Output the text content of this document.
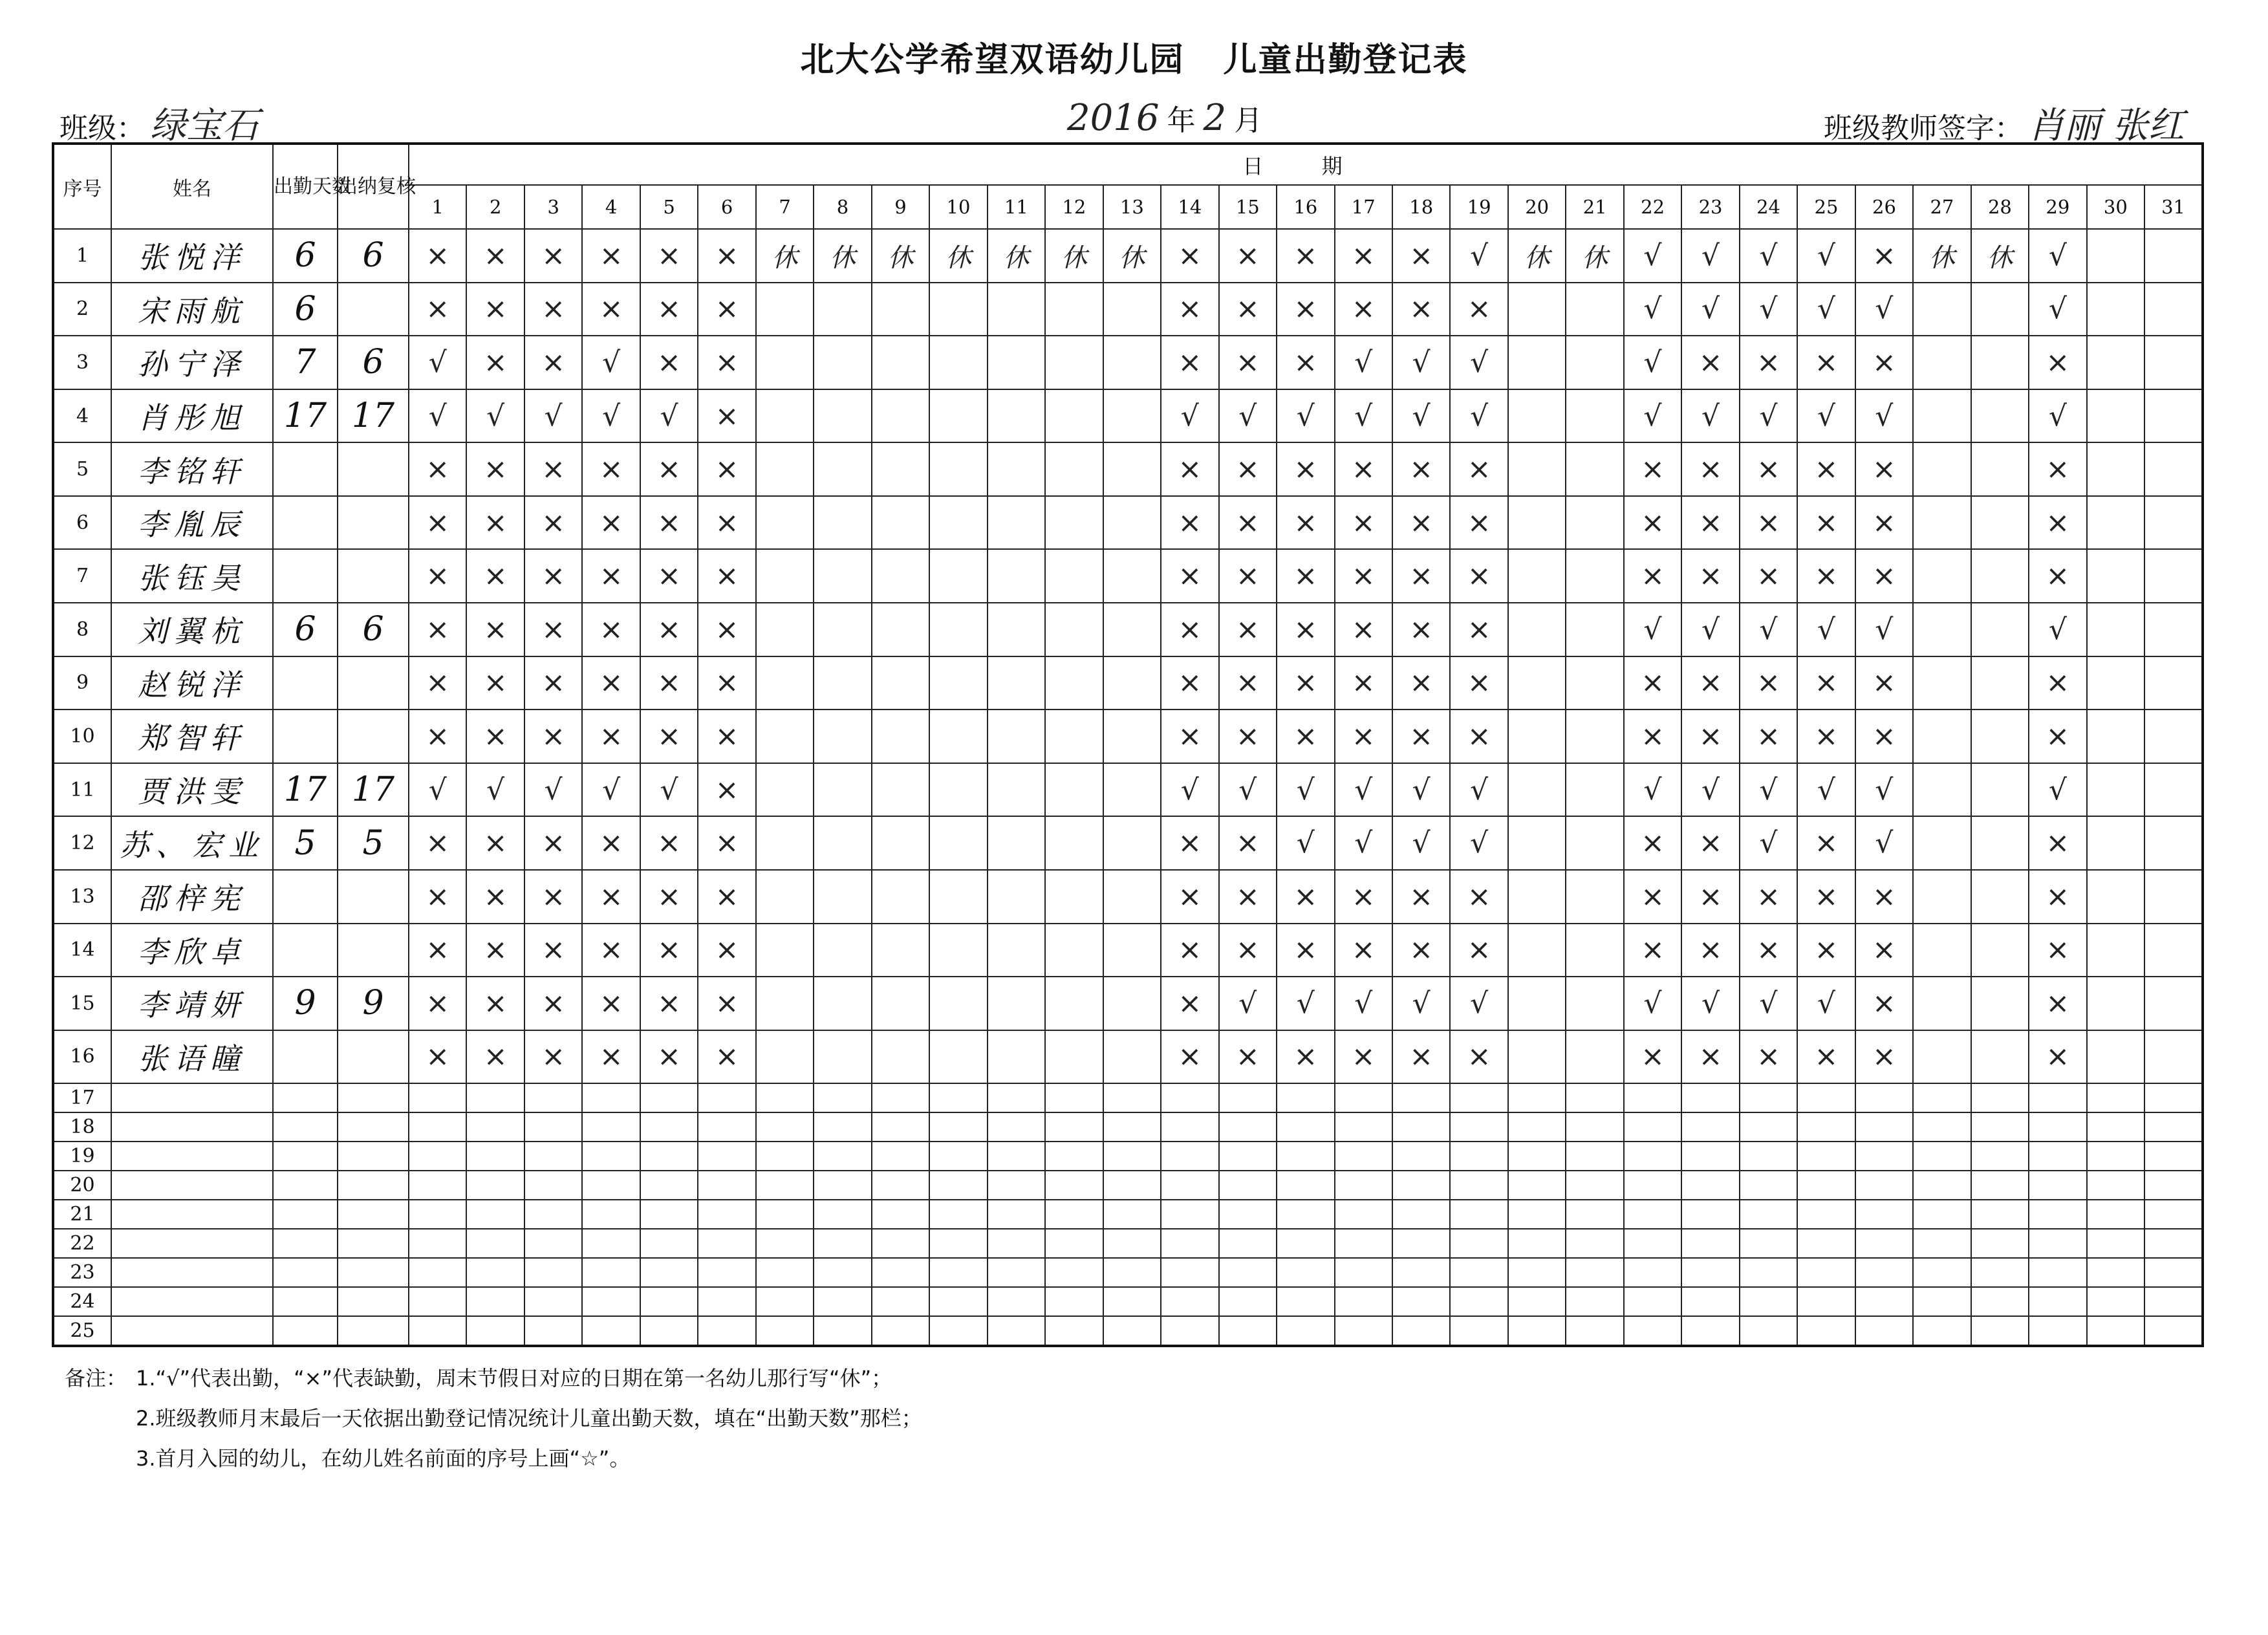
北大公学希望双语幼儿园 儿童出勤登记表
班级： 绿宝石	2016 年 2 月	班级教师签字： 肖丽 张红
序号	姓名	出勤天数	出纳复核	日 期																														
				1	2	3	4	5	6	7	8	9	10	11	12	13	14	15	16	17	18	19	20	21	22	23	24	25	26	27	28	29	30	31
1	张悦洋	6	6	×	×	×	×	×	×	休	休	休	休	休	休	休	×	×	×	×	×	√	休	休	√	√	√	√	×	休	休	√		
2	宋雨航	6		×	×	×	×	×	×								×	×	×	×	×	×			√	√	√	√	√			√		
3	孙宁泽	7	6	√	×	×	√	×	×								×	×	×	√	√	√			√	×	×	×	×			×		
4	肖彤旭	17	17	√	√	√	√	√	×								√	√	√	√	√	√			√	√	√	√	√			√		
5	李铭轩			×	×	×	×	×	×								×	×	×	×	×	×			×	×	×	×	×			×		
6	李胤辰			×	×	×	×	×	×								×	×	×	×	×	×			×	×	×	×	×			×		
7	张钰昊			×	×	×	×	×	×								×	×	×	×	×	×			×	×	×	×	×			×		
8	刘翼杭	6	6	×	×	×	×	×	×								×	×	×	×	×	×			√	√	√	√	√			√		
9	赵锐洋			×	×	×	×	×	×								×	×	×	×	×	×			×	×	×	×	×			×		
10	郑智轩			×	×	×	×	×	×								×	×	×	×	×	×			×	×	×	×	×			×		
11	贾洪雯	17	17	√	√	√	√	√	×								√	√	√	√	√	√			√	√	√	√	√			√		
12	苏、宏业	5	5	×	×	×	×	×	×								×	×	√	√	√	√			×	×	√	×	√			×		
13	邵梓宪			×	×	×	×	×	×								×	×	×	×	×	×			×	×	×	×	×			×		
14	李欣卓			×	×	×	×	×	×								×	×	×	×	×	×			×	×	×	×	×			×		
15	李靖妍	9	9	×	×	×	×	×	×								×	√	√	√	√	√			√	√	√	√	×			×		
16	张语瞳			×	×	×	×	×	×								×	×	×	×	×	×			×	×	×	×	×			×		
17																																		
18																																		
19																																		
20																																		
21																																		
22																																		
23																																		
24																																		
25																																		
备注： 1.“√”代表出勤，“×”代表缺勤，周末节假日对应的日期在第一名幼儿那行写“休”；
2.班级教师月末最后一天依据出勤登记情况统计儿童出勤天数，填在“出勤天数”那栏；
3.首月入园的幼儿，在幼儿姓名前面的序号上画“☆”。
